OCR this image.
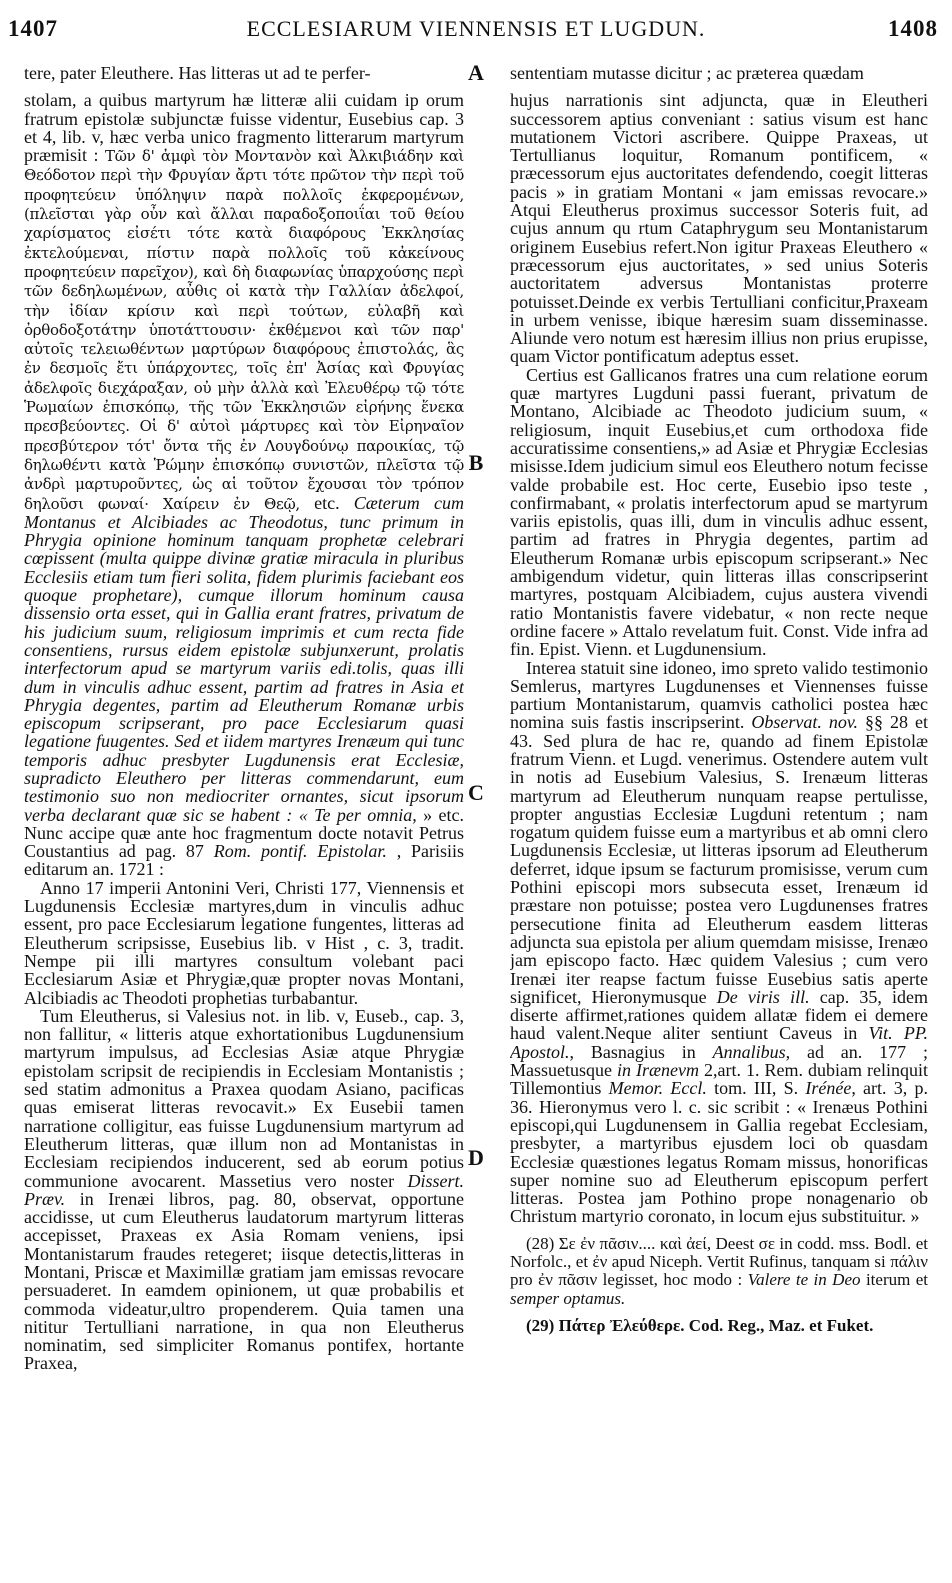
1407	ECCLESIARUM VIENNENSIS ET LUGDUN.	1408
A
B
C
D

tere, pater Eleuthere. Has litteras ut ad te perfer-

stolam, a quibus martyrum hæ litteræ alii cuidam ip orum fratrum epistolæ subjunctæ fuisse videntur, Eusebius cap. 3 et 4, lib. v, hæc verba unico fragmento litterarum martyrum præmisit : Τῶν δ' ἀμφὶ τὸν Μοντανὸν καὶ Ἀλκιβιάδην καὶ Θεόδοτον περὶ τὴν Φρυγίαν ἄρτι τότε πρῶτον τὴν περὶ τοῦ προφητεύειν ὑπόληψιν παρὰ πολλοῖς ἐκφερομένων, (πλεῖσται γὰρ οὖν καὶ ἄλλαι παραδοξοποιΐαι τοῦ θείου χαρίσματος εἰσέτι τότε κατὰ διαφόρους Ἐκκλησίας ἐκτελούμεναι, πίστιν παρὰ πολλοῖς τοῦ κἀκείνους προφητεύειν παρεῖχον), καὶ δὴ διαφωνίας ὑπαρχούσης περὶ τῶν δεδηλωμένων, αὖθις οἱ κατὰ τὴν Γαλλίαν ἀδελφοί, τὴν ἰδίαν κρίσιν καὶ περὶ τούτων, εὐλαβῆ καὶ ὀρθοδοξοτάτην ὑποτάττουσιν· ἐκθέμενοι καὶ τῶν παρ' αὐτοῖς τελειωθέντων μαρτύρων διαφόρους ἐπιστολάς, ἃς ἐν δεσμοῖς ἔτι ὑπάρχοντες, τοῖς ἐπ' Ἀσίας καὶ Φρυγίας ἀδελφοῖς διεχάραξαν, οὐ μὴν ἀλλὰ καὶ Ἐλευθέρῳ τῷ τότε Ῥωμαίων ἐπισκόπῳ, τῆς τῶν Ἐκκλησιῶν εἰρήνης ἕνεκα πρεσβεύοντες. Οἱ δ' αὐτοὶ μάρτυρες καὶ τὸν Εἰρηναῖον πρεσβύτερον τότ' ὄντα τῆς ἐν Λουγδούνῳ παροικίας, τῷ δηλωθέντι κατὰ Ῥώμην ἐπισκόπῳ συνιστῶν, πλεῖστα τῷ ἀνδρὶ μαρτυροῦντες, ὡς αἱ τοῦτον ἔχουσαι τὸν τρόπον δηλοῦσι φωναί· Χαίρειν ἐν Θεῷ, etc. Cæterum cum Montanus et Alcibiades ac Theodotus, tunc primum in Phrygia opinione hominum tanquam prophetæ celebrari cœpissent (multa quippe divinæ gratiæ miracula in pluribus Ecclesiis etiam tum fieri solita, fidem plurimis faciebant eos quoque prophetare), cumque illorum hominum causa dissensio orta esset, qui in Gallia erant fratres, privatum de his judicium suum, religiosum imprimis et cum recta fide consentiens, rursus eidem epistolæ subjunxerunt, prolatis interfectorum apud se martyrum variis edi.tolis, quas illi dum in vinculis adhuc essent, partim ad fratres in Asia et Phrygia degentes, partim ad Eleutherum Romanæ urbis episcopum scripserant, pro pace Ecclesiarum quasi legatione fuugentes. Sed et iidem martyres Irenæum qui tunc temporis adhuc presbyter Lugdunensis erat Ecclesiæ, supradicto Eleuthero per litteras commendarunt, eum testimonio suo non mediocriter ornantes, sicut ipsorum verba declarant quæ sic se habent : « Te per omnia, » etc. Nunc accipe quæ ante hoc fragmentum docte notavit Petrus Coustantius ad pag. 87 Rom. pontif. Epistolar. , Parisiis editarum an. 1721 :

Anno 17 imperii Antonini Veri, Christi 177, Viennensis et Lugdunensis Ecclesiæ martyres,dum in vinculis adhuc essent, pro pace Ecclesiarum legatione fungentes, litteras ad Eleutherum scripsisse, Eusebius lib. v Hist , c. 3, tradit. Nempe pii illi martyres consultum volebant paci Ecclesiarum Asiæ et Phrygiæ,quæ propter novas Montani, Alcibiadis ac Theodoti prophetias turbabantur.

Tum Eleutherus, si Valesius not. in lib. v, Euseb., cap. 3, non fallitur, « litteris atque exhortationibus Lugdunensium martyrum impulsus, ad Ecclesias Asiæ atque Phrygiæ epistolam scripsit de recipiendis in Ecclesiam Montanistis ; sed statim admonitus a Praxea quodam Asiano, pacificas quas emiserat litteras revocavit.» Ex Eusebii tamen narratione colligitur, eas fuisse Lugdunensium martyrum ad Eleutherum litteras, quæ illum non ad Montanistas in Ecclesiam recipiendos inducerent, sed ab eorum potius communione avocarent. Massetius vero noster Dissert. Præv. in Irenæi libros, pag. 80, observat, opportune accidisse, ut cum Eleutherus laudatorum martyrum litteras accepisset, Praxeas ex Asia Romam veniens, ipsi Montanistarum fraudes retegeret; iisque detectis,litteras in Montani, Priscæ et Maximillæ gratiam jam emissas revocare persuaderet. In eamdem opinionem, ut quæ probabilis et commoda videatur,ultro propenderem. Quia tamen una nititur Tertulliani narratione, in qua non Eleutherus nominatim, sed simpliciter Romanus pontifex, hortante Praxea,

sententiam mutasse dicitur ; ac præterea quædam

hujus narrationis sint adjuncta, quæ in Eleutheri successorem aptius conveniant : satius visum est hanc mutationem Victori ascribere. Quippe Praxeas, ut Tertullianus loquitur, Romanum pontificem, « præcessorum ejus auctoritates defendendo, coegit litteras pacis » in gratiam Montani « jam emissas revocare.» Atqui Eleutherus proximus successor Soteris fuit, ad cujus annum qu rtum Cataphrygum seu Montanistarum originem Eusebius refert.Non igitur Praxeas Eleuthero « præcessorum ejus auctoritates, » sed unius Soteris auctoritatem adversus Montanistas proterre potuisset.Deinde ex verbis Tertulliani conficitur,Praxeam in urbem venisse, ibique hæresim suam disseminasse. Aliunde vero notum est hæresim illius non prius erupisse, quam Victor pontificatum adeptus esset.

Certius est Gallicanos fratres una cum relatione eorum quæ martyres Lugduni passi fuerant, privatum de Montano, Alcibiade ac Theodoto judicium suum, « religiosum, inquit Eusebius,et cum orthodoxa fide accuratissime consentiens,» ad Asiæ et Phrygiæ Ecclesias misisse.Idem judicium simul eos Eleuthero notum fecisse valde probabile est. Hoc certe, Eusebio ipso teste , confirmabant, « prolatis interfectorum apud se martyrum variis epistolis, quas illi, dum in vinculis adhuc essent, partim ad fratres in Phrygia degentes, partim ad Eleutherum Romanæ urbis episcopum scripserant.» Nec ambigendum videtur, quin litteras illas conscripserint martyres, postquam Alcibiadem, cujus austera vivendi ratio Montanistis favere videbatur, « non recte neque ordine facere » Attalo revelatum fuit. Const. Vide infra ad fin. Epist. Vienn. et Lugdunensium.

Interea statuit sine idoneo, imo spreto valido testimonio Semlerus, martyres Lugdunenses et Viennenses fuisse partium Montanistarum, quamvis catholici postea hæc nomina suis fastis inscripserint. Observat. nov. §§ 28 et 43. Sed plura de hac re, quando ad finem Epistolæ fratrum Vienn. et Lugd. venerimus. Ostendere autem vult in notis ad Eusebium Valesius, S. Irenæum litteras martyrum ad Eleutherum nunquam reapse pertulisse, propter angustias Ecclesiæ Lugduni retentum ; nam rogatum quidem fuisse eum a martyribus et ab omni clero Lugdunensis Ecclesiæ, ut litteras ipsorum ad Eleutherum deferret, idque ipsum se facturum promisisse, verum cum Pothini episcopi mors subsecuta esset, Irenæum id præstare non potuisse; postea vero Lugdunenses fratres persecutione finita ad Eleutherum easdem litteras adjuncta sua epistola per alium quemdam misisse, Irenæo jam episcopo facto. Hæc quidem Valesius ; cum vero Irenæi iter reapse factum fuisse Eusebius satis aperte significet, Hieronymusque De viris ill. cap. 35, idem diserte affirmet,rationes quidem allatæ fidem ei demere haud valent.Neque aliter sentiunt Caveus in Vit. PP. Apostol., Basnagius in Annalibus, ad an. 177 ; Massuetusque in Irænevm 2,art. 1. Rem. dubiam relinquit Tillemontius Memor. Eccl. tom. III, S. Irénée, art. 3, p. 36. Hieronymus vero l. c. sic scribit : « Irenæus Pothini episcopi,qui Lugdunensem in Gallia regebat Ecclesiam, presbyter, a martyribus ejusdem loci ob quasdam Ecclesiæ quæstiones legatus Romam missus, honorificas super nomine suo ad Eleutherum episcopum perfert litteras. Postea jam Pothino prope nonagenario ob Christum martyrio coronato, in locum ejus substituitur. »

(28) Σε ἐν πᾶσιν.... καὶ ἀεί, Deest σε in codd. mss. Bodl. et Norfolc., et ἐν apud Niceph. Vertit Rufinus, tanquam si πάλιν pro ἐν πᾶσιν legisset, hoc modo : Valere te in Deo iterum et semper optamus.

(29) Πάτερ Ἐλεύθερε. Cod. Reg., Maz. et Fuket.
